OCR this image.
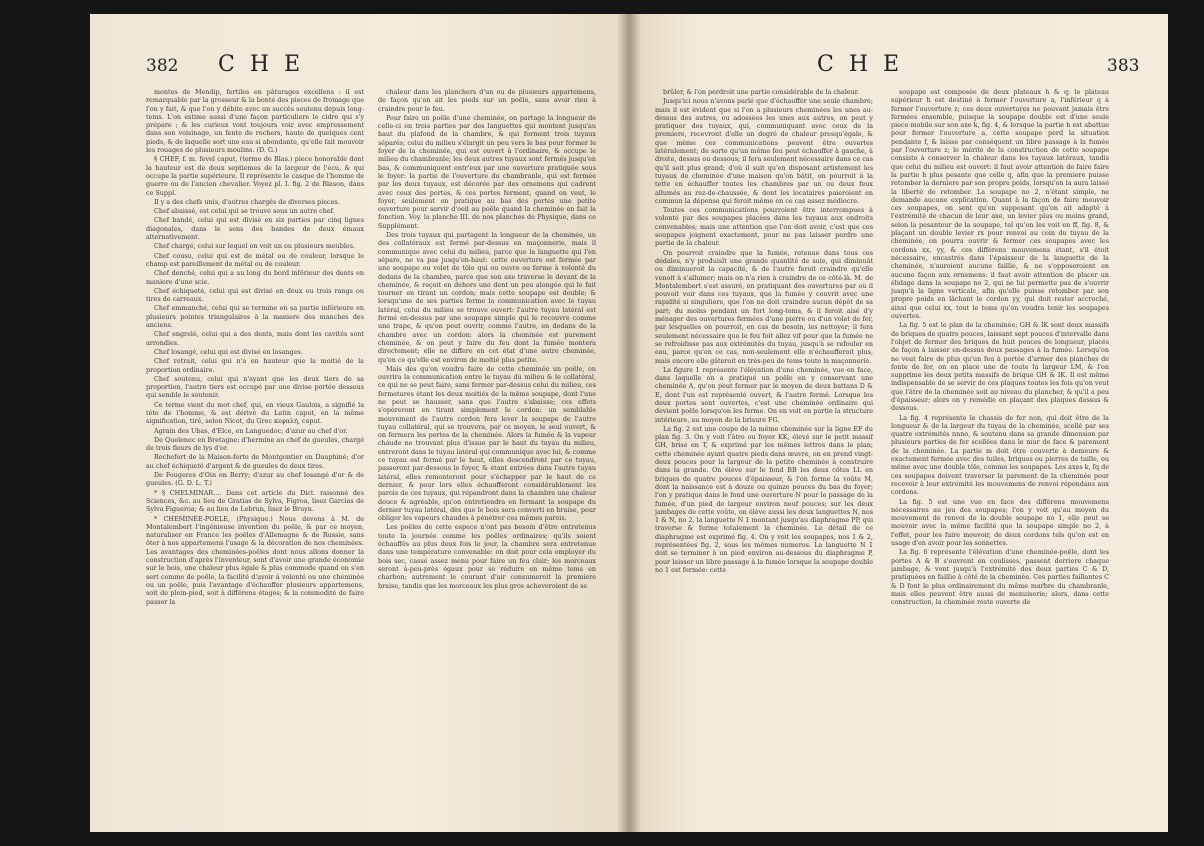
382 C H E

montes de Mendip, fertiles en pâturages excellens : il est remarquable par la grosseur & la bonté des pieces de fromage que l'on y fait, & que l'on y débite avec un succès soutenu depuis long-tems. L'on estime aussi d'une façon particuliere le cidre qui s'y prépare ; & les curieux vont toujours voir avec empressement dans son voisinage, un fente de rochers, haute de quelques cent pieds, & de laquelle sort une eau si abondante, qu'elle fait mouvoir les rouages de plusieurs moulins. (D. G.)

§ CHEF, f. m. fevel caput, (terme de Blas.) piece honorable dont la hauteur est de deux septiemes de la largeur de l'écu, & qui occupe la partie supérieure. Il représente le casque de l'homme de guerre ou de l'ancien chevalier. Voyez pl. I. fig. 2 de Blason, dans ce Suppl.

Il y a des chefs unis, d'autres chargés de diverses pieces.

Chef abaissé, est celui qui se trouve sous un autre chef.

Chef bandé, celui qui est divisé en six parties par cinq lignes diagonales, dans le sens des bandes de deux émaux alternativement.

Chef chargé, celui sur lequel on voit un ou plusieurs meubles.

Chef cousu, celui qui est de métal ou de couleur, lorsque le champ est pareillement de métal ou de couleur.

Chef denché, celui qui a au long du bord inférieur des dents en maniere d'une scie.

Chef échiqueté, celui qui est divisé en deux ou trois rangs ou tires de carreaux.

Chef emmanché, celui qui se termine en sa partie inférieure en plusieurs pointes triangulaires à la maniere des manches des anciens.

Chef engrelé, celui qui a des dents, mais dont les cavités sont arrondies.

Chef losangé, celui qui est divisé en losanges.

Chef retrait, celui qui n'a en hauteur que la moitié de la proportion ordinaire.

Chef soutenu, celui qui n'ayant que les deux tiers de sa proportion, l'autre tiers est occupé par une divise portée dessous qui semble le soutenir.

Ce terme vient du mot chef, qui, en vieux Gaulois, a signifié la tête de l'homme, & est dérivé du Latin caput, en la même signification, tiré, selon Nicot, du Grec κεφαλή, caput.

Agrain des Ubas, d'Elce, en Languedoc; d'azur au chef d'or.

De Quelenec en Bretagne; d'hermine au chef de gueules, chargé de trois fleurs de lys d'or.

Rochefort de la Maison-forte de Montgontier en Dauphiné; d'or au chef échiqueté d'argent & de gueules de deux tires.

De Fougeres d'Oin en Berry; d'azur au chef losangé d'or & de gueules. (G. D. L. T.)

* § CHELMINAR.... Dans cet article du Dict. raisonné des Sciences, &c. au lieu de Gratias de Sylva, Figroa, lisez Garcias de Sylva Figueroa; & au lieu de Lebrun, lisez le Bruyn.

* CHEMINÉE-POELE, (Physique.) Nous devons à M. de Montalembert l'ingénieuse invention du poële, & par ce moyen, naturaliser en France les poëles d'Allemagne & de Russie, sans ôter à nos appartemens l'usage & la décoration de nos cheminées. Les avantages des cheminées-poëles dont nous allons donner la construction d'après l'inventeur, sont d'avoir une grande économie sur le bois, une chaleur plus égale & plus commode quand on s'en sert comme de poële, la facilité d'avoir à volonté ou une cheminée ou un poële, puis l'avantage d'échauffer plusieurs appartemens, soit de plein-pied, soit à différens étages; & la commodité de faire passer la

chaleur dans les planchers d'un ou de plusieurs appartemens, de façon qu'on ait les pieds sur un poële, sans avoir rien à craindre pour le feu.

Pour faire un poële d'une cheminée, on partage la longueur de celle-ci en trois parties par des languettes qui montent jusqu'au haut du plafond de la chambre, & qui forment trois tuyaux séparés; celui du milieu s'élargit un peu vers le bas pour former le foyer de la cheminée, qui est ouvert à l'ordinaire, & occupe le milieu du chambranle; les deux autres tuyaux sont fermés jusqu'en bas, & communiquent entr'eux par une ouverture pratiquée sous le foyer: la partie de l'ouverture du chambranle, qui est fermée par les deux tuyaux, est décorée par des ornemens qui cadrent avec ceux des portes, & ces portes ferment, quand on veut, le foyer, seulement on pratique au bas des portes une petite ouverture pour servir d'oeil au poële quand la cheminée en fait la fonction. Voy. la planche III. de nos planches de Physique, dans ce Supplément.

Des trois tuyaux qui partagent la longueur de la cheminée, un des collatéraux est fermé par-dessus en maçonnerie, mais il communique avec celui du milieu, parce que la languette qui l'en sépare, ne va pas jusqu'en-haut: cette ouverture est fermée par une soupape ou volet de tôle qui ou ouvre ou ferme à volonté du dedans de la chambre, parce que son axe traverse le devant de la cheminée, & reçoit en dehors une dent un peu alongée qui le fait tourner en tirant un cordon; mais cette soupape est double; & lorsqu'une de ses parties ferme la communication avec le tuyau latéral, celui du milieu se trouve ouvert: l'autre tuyau latéral est fermé en-dessus par une soupape simple qui le recouvre comme une trape, & qu'on peut ouvrir, comme l'autre, en dedans de la chambre avec un cordon: alors la cheminée est purement cheminée, & on peut y faire du feu dont la fumée montera directement; elle ne differe en cet état d'une autre cheminée, qu'en ce qu'elle est environ de moitié plus petite.

Mais dès qu'on voudra faire de cette cheminée un poële, on ouvrira la communication entre le tuyau du milieu & le collatéral, ce qui ne se peut faire, sans fermer par-dessus celui du milieu, ces fermetures étant les deux moitiés de la même soupape, dont l'une ne peut se hausser, sans que l'autre s'abaisse; ces effets s'opéreront en tirant simplement le cordon: un semblable mouvement de l'autre cordon fera lever la soupape de l'autre tuyau collatéral, qui se trouvera, par ce moyen, le seul ouvert, & on fermera les portes de la cheminée. Alors la fumée & la vapeur chaude ne trouvant plus d'issue par le haut du tuyau du milieu, entreront dans le tuyau latéral qui communique avec lui, & comme ce tuyau est fermé par le haut, elles descendront par ce tuyau, passeront par-dessous le foyer, & étant entrées dans l'autre tuyau latéral, elles remonteront pour s'échapper par le haut de ce dernier, & pour lors elles échaufferont considérablement les parois de ces tuyaux, qui répandront dans la chambre une chaleur douce & agréable, qu'on entretiendra en fermant la soupape du dernier tuyau latéral, dès que le bois sera converti en braise, pour obliger les vapeurs chaudes à pénétrer ces mêmes parois.

Les poëles de cette espece n'ont pas besoin d'être entretenus toute la journée comme les poëles ordinaires; qu'ils soient échauffés au plus deux fois le jour, la chambre sera entretenue dans une température convenable: on doit pour cela employer du bois sec, cassé assez menu pour faire un feu clair; les morceaux seront à-peu-près égaux pour se réduire en même tems en charbon; autrement le courant d'air consumeroit la premiere braise, tandis que les morceaux les plus gros acheveroient de se

C H E	383

brûler, & l'on perdroit une partie considérable de la chaleur.

Jusqu'ici nous n'avons parlé que d'échauffer une seule chambre; mais il est évident que si l'on a plusieurs cheminées les unes au-dessus des autres, ou adossées les unes aux autres, on peut y pratiquer des tuyaux, qui, communiquant avec ceux de la premiere, recevront d'elle un degré de chaleur presqu'égale, & que même ces communications peuvent être ouvertes latéralement; de sorte qu'un même feu peut échauffer à gauche, à droite, dessus ou dessous; il fera seulement nécessaire dans ce cas qu'il soit plus grand; d'où il suit qu'en disposant artistement les tuyaux de cheminée d'une maison qu'on bâtit, on pourroit à la tette en échauffer toutes les chambres par un ou deux feux allumés au rez-de-chaussée, & dont les locataires paieroient en commun la dépense qui feroit même en ce cas assez médiocre.

Toutes ces communications pourroient être interrompues à volonté par des soupapes placées dans les tuyaux aux endroits convenables; mais une attention que l'on doit avoir, c'est que ces soupapes joignent exactement, pour ne pas laisser perdre une partie de la chaleur.

On pourroit craindre que la fumée, retenue dans tous ces dédales, n'y produisît une grande quantité de suie, qui diminuât ou diminueroit la capacité, & de l'autre feroit craindre qu'elle venoit à s'allumer; mais on n'a rien à craindre de ce côté-là. M. de Montalembert s'est assuré, en pratiquant des ouvertures par où il pouvoit voir dans ces tuyaux, que la fumée y couvrit avec une rapidité si singuliere, que l'on ne doit craindre aucun dépôt de sa part; du moins pendant un fort long-tems, & il feroit aisé d'y ménager des ouvertures fermées d'une pierre ou d'un volet de fer, par lesquelles on pourroit, en cas de besoin, les nettoyer; il fera seulement nécessaire que le feu foit allez vif pour que la fumée ne se refroidisse pas aux extrémités du tuyau, jusqu'à se refouler en eau, parce qu'en ce cas, non-seulement elle n'échaufferoit plus, mais encore elle gâteroit en très-peu de tems toute la maçonnerie.

La figure 1 représente l'élévation d'une cheminée, vue en face, dans laquelle on a pratiqué un poële en y conservant une cheminée A, qu'on peut fermer par le moyen de deux battans D & E, dont l'un est représenté ouvert, & l'autre fermé. Lorsque les deux portes sont ouvertes, c'est une cheminée ordinaire qui devient poële lorsqu'on les ferme. On en voit en partie la structure intérieure, au moyen de la brisure FG.

La fig. 2 est une coupe de la même cheminée sur la ligne EF du plan fig. 3. On y voit l'âtre ou foyer KK, élevé sur le petit massif GH, brisé en T, & exprimé par les mêmes lettres dans le plan; cette cheminée ayant quatre pieds dans œuvre, on en prend vingt-deux pouces pour la largeur de la petite cheminée à construire dans la grande. On élève sur le fond BB les deux côtes LL en briques de quatre pouces d'épaisseur, & l'on forme la voûte M, dont la naissance est à douze ou quinze pouces du bas du foyer; l'on y pratique dans le fond une ouverture N pour le passage de la fumée, d'un pied de largeur environ neuf pouces; sur les deux jambages de cette voûte, on élève aussi les deux languettes N, nos 1 & N, no 2, la languette N 1 montant jusqu'au diaphragme PP, qui traverse & ferme totalement la cheminée. Le détail de ce diaphragme est exprimé fig. 4. On y voit les soupapes, nos 1 & 2, représentées fig. 2, sous les mêmes numeros. La languette N 1 doit se terminer à un pied environ au-dessous du diaphragme P, pour laisser un libre passage à la fumée lorsque la soupape double no 1 est fermée: cette

soupape est composée de deux plateaux h & q; le plateau supérieur h est destiné à fermer l'ouverture a, l'inférieur q à fermer l'ouverture z; ces deux ouvertures ne pouvant jamais être fermées ensemble, puisque la soupape double est d'une seule piece mobile sur son axe k, fig. 4, & lorsque la partie h est abattue pour fermer l'ouverture a, cette soupape perd la situation pendante f, & laisse par conséquent un libre passage à la fumée par l'ouverture z; le mérite de la construction de cette soupape consiste à conserver la chaleur dans les tuyaux latéraux, tandis que celui du milieu est ouvert: il faut avoir attention de faire faire la partie h plus pesante que celle q, afin que la premiere puisse retomber la derniere par son propre poids, lorsqu'on la aura laissé la liberté de retomber. La soupape no 2, n'étant simple, ne demande aucune explication. Quant à la façon de faire mouvoir ces soupapes, on sent qu'en supposant qu'on ait adapté à l'extrémité de chacun de leur axe, un levier plus ou moins grand, selon la pesanteur de la soupape, tel qu'on les voit en ff, fig. 8, & plaçant un double levier rx pour renvoi au coin du tuyau de la cheminée, on pourra ouvrir & fermer ces soupapes avec les cordons xx, yy, & ces différens mouvemens étant, s'il étoit nécessaire, encastrés dans l'épaisseur de la languette de la cheminée, n'auroient aucune faillie, & ne s'opposeroient en aucune façon aux ornemens: il faut avoir attention de placer un élidage dans la soupape no 2, qui ne lui permette pas de s'ouvrir jusqu'à la ligne verticale, afin qu'elle puisse retomber par son propre poids en lâchant le cordon yy, qui doit rester accroché, ainsi que celui xx, tout le tems qu'on voudra tenir les soupapes ouvertes.

La fig. 5 est le plan de la cheminée; GH & IK sont deux massifs de briques de quatre pouces, laissant sept pouces d'intervalle dans l'objet de fermer des briques de huit pouces de longueur, placés de façon à laisser en-dessus deux passages à la fumée. Lorsqu'on ne veut faire de plus qu'un feu à portée d'armer des planches de fonte de fer, on en place une de toute la largeur LM, & l'on supprime les deux petits massifs de brique GH & IK. Il est même indispensable de se servir de ces plaques toutes les fois qu'on veut que l'âtre de la cheminée soit au niveau du plancher, & qu'il a peu d'épaisseur; alors on y remédie en plaçant des plaques dessus & dessous.

La fig. 4 représente le chassis de fer non, qui doit être de la longueur & de la largeur du tuyau de la cheminée, scellé par ses quatre extrémités nnno, & soutenu dans sa grande dimension par plusieurs parties de fer scellées dans le mur de face & parement de la cheminée. La partie m doit être couverte à demeure & exactement fermée avec des tuiles, briques ou pierres de taille, ou même avec une double tôle, comme les soupapes. Les axes k, fq de ces soupapes doivent traverser le parement de la cheminée pour recevoir à leur extrémité les mouvemens de renvoi répondans aux cordons.

La fig. 5 est une vue en face des différens mouvemens nécessaires au jeu des soupapes; l'on y voit qu'au moyen du mouvement de renvoi de la double soupape no 1, elle peut se mouvoir avec la même facilité que la soupape simple no 2, à l'effet, pour les faire mouvoir, de deux cordons tels qu'on est en usage d'en avoir pour les sonnettes.

La fig. 6 représente l'élévation d'une cheminée-poële, dont les portes A & B s'ouvrent en coulisses, passent derriere chaque jambage, & vont jusqu'à l'extrémité des deux parties C & D, pratiquées en faillie à côté de la cheminée. Ces parties faillantes C & D font le plus ordinairement du même marbre du chambranle, mais elles peuvent être aussi de menuiserie; alors, dans cette construction, la cheminée reste ouverte de
